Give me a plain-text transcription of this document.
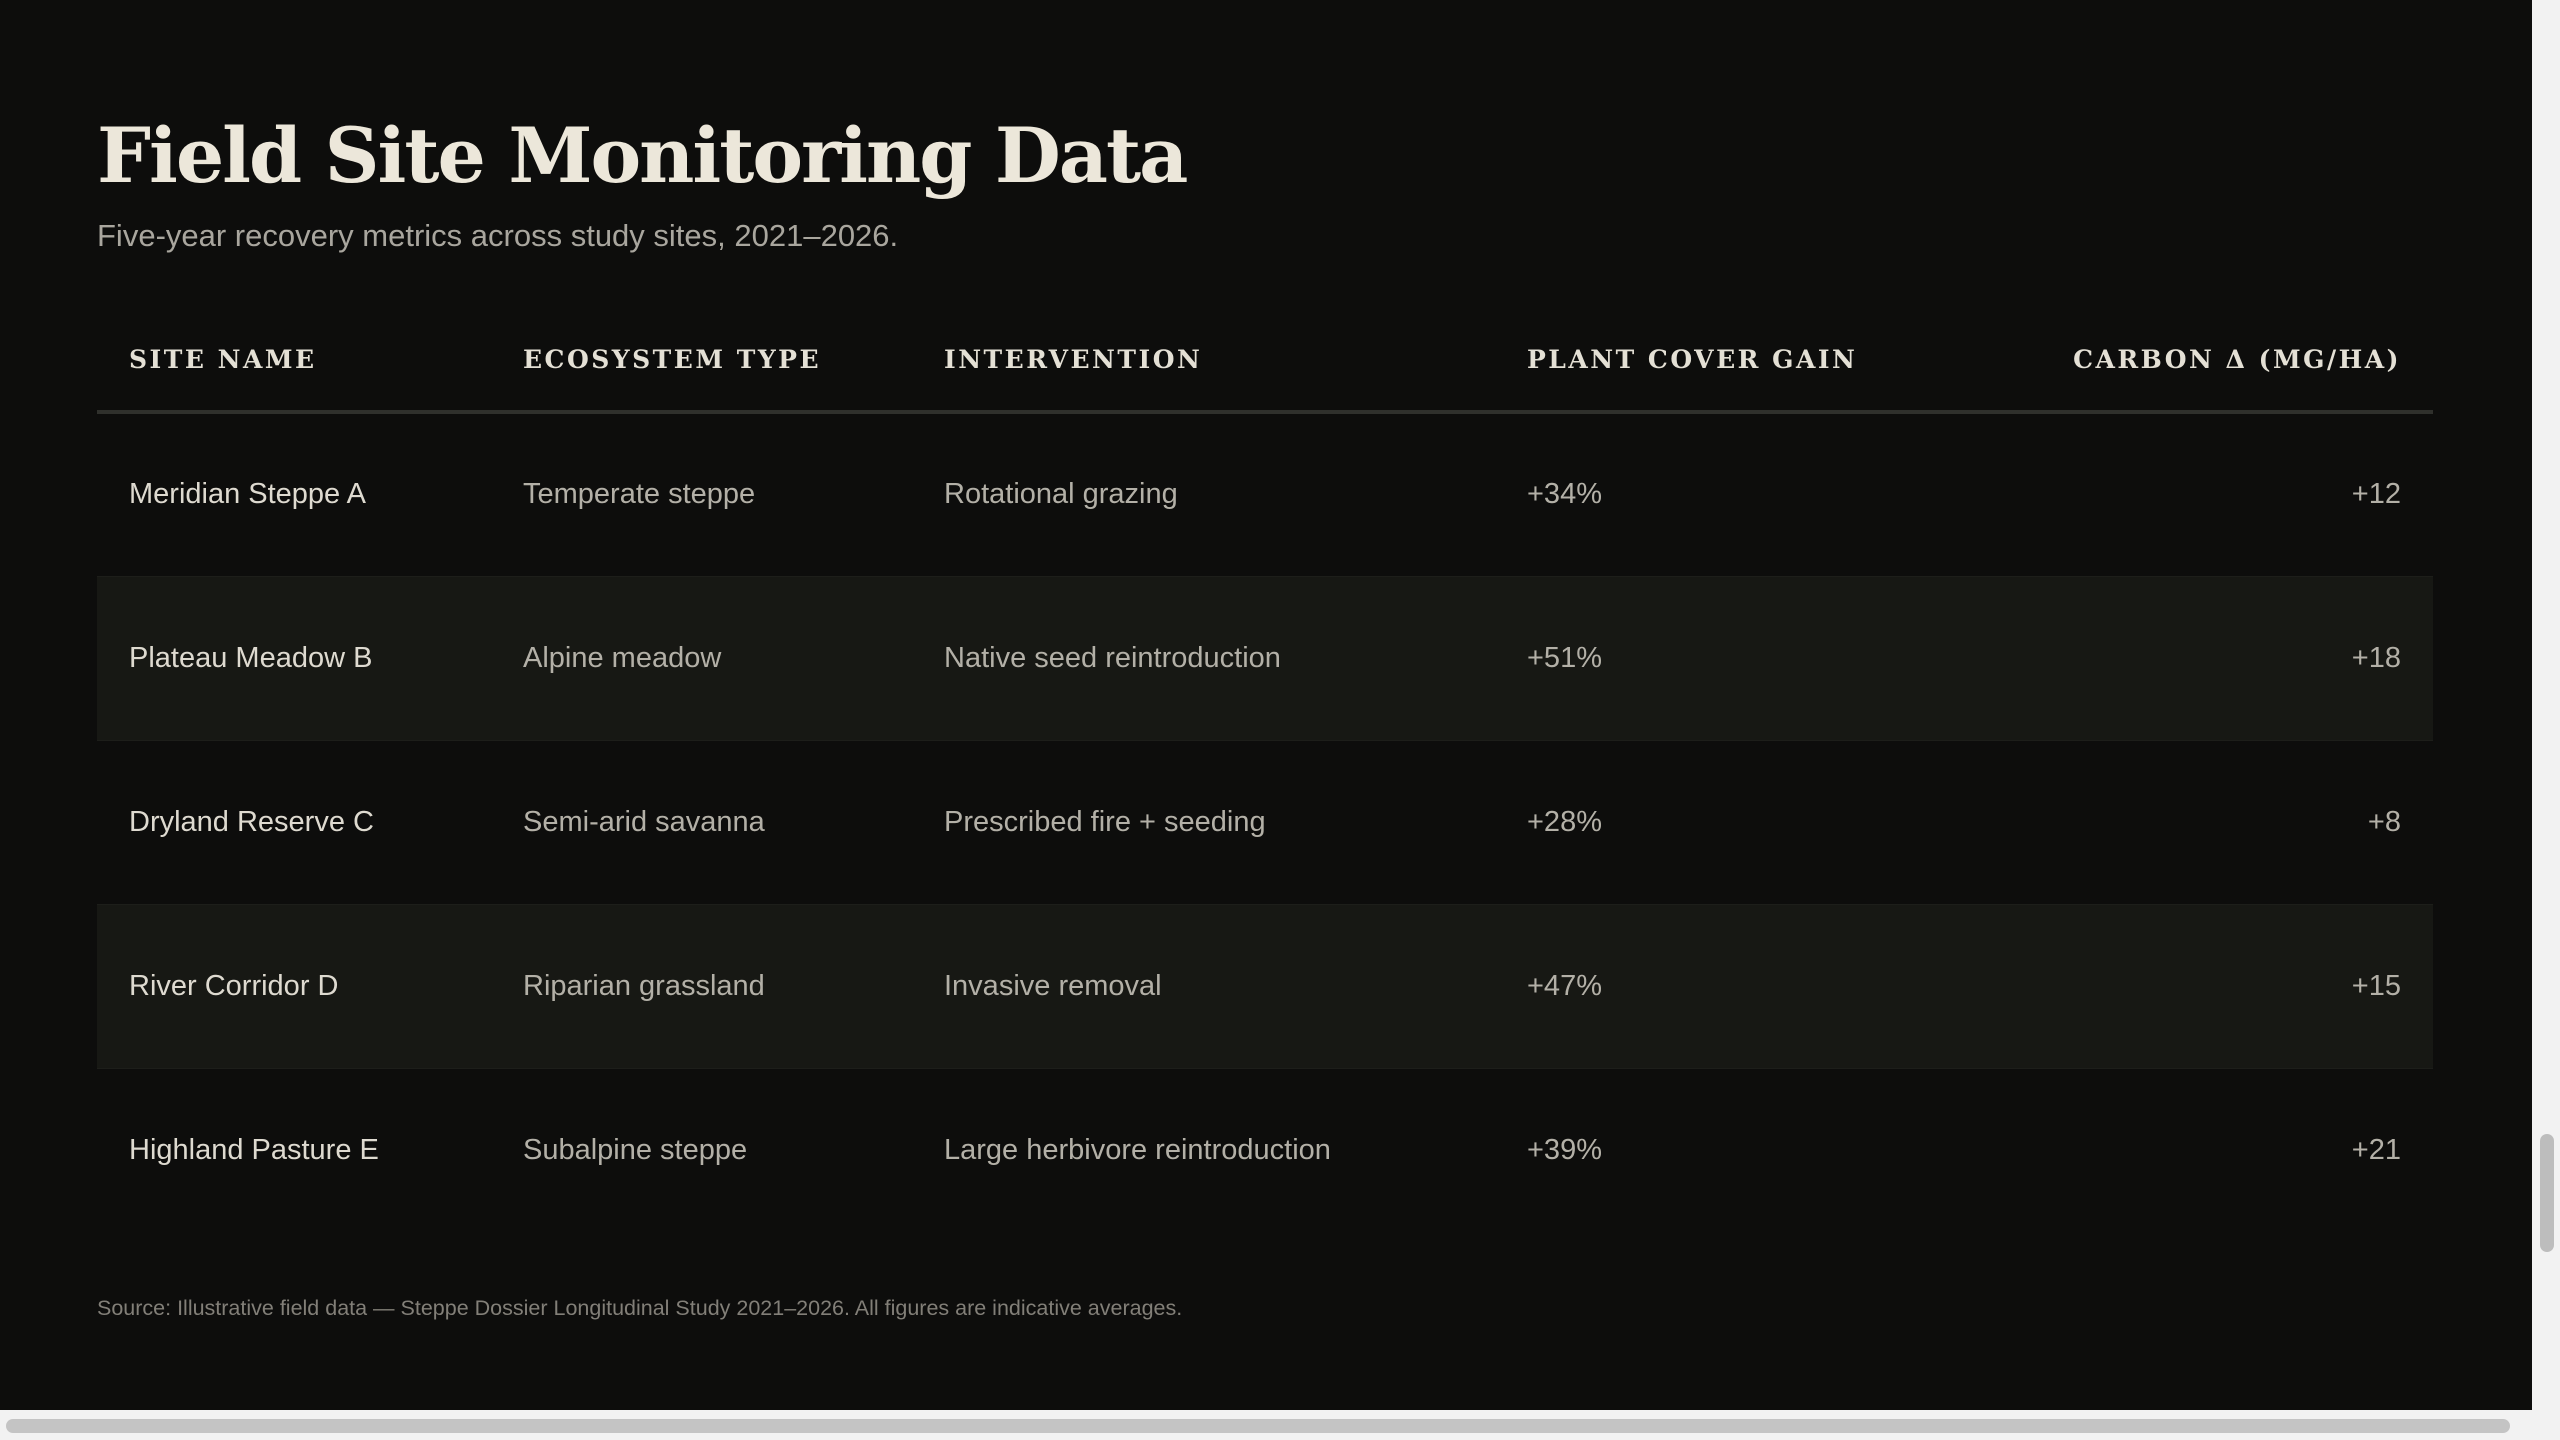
Field Site Monitoring Data
Five-year recovery metrics across study sites, 2021–2026.
SITE NAME	ECOSYSTEM TYPE	INTERVENTION	PLANT COVER GAIN	CARBON Δ (MG/HA)
Meridian Steppe A	Temperate steppe	Rotational grazing	+34%	+12
Plateau Meadow B	Alpine meadow	Native seed reintroduction	+51%	+18
Dryland Reserve C	Semi-arid savanna	Prescribed fire + seeding	+28%	+8
River Corridor D	Riparian grassland	Invasive removal	+47%	+15
Highland Pasture E	Subalpine steppe	Large herbivore reintroduction	+39%	+21
Source: Illustrative field data — Steppe Dossier Longitudinal Study 2021–2026. All figures are indicative averages.
